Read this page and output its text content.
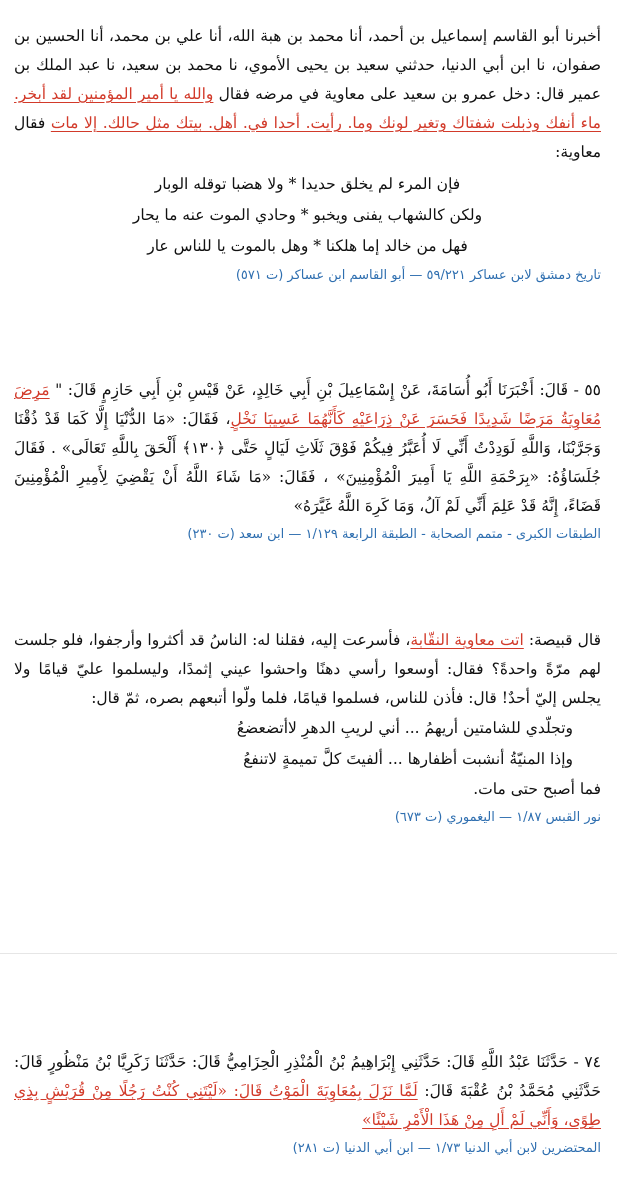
أخبرنا أبو القاسم إسماعيل بن أحمد، أنا محمد بن هبة الله، أنا علي بن محمد، أنا الحسين بن صفوان، نا ابن أبي الدنيا، حدثني سعيد بن يحيى الأموي، نا محمد بن سعيد، نا عبد الملك بن عمير قال: دخل عمرو بن سعيد على معاوية في مرضه فقال والله يا أمير المؤمنين لقد أبخر. ماء أنفك وذبلت شفتاك وتغير لونك وما. رأيت. أحدا في. أهل. بيتك مثل حالك. إلا مات فقال معاوية:

فإن المرء لم يخلق حديدا * ولا هضبا توقله الوبار

ولكن كالشهاب يفنى ويخبو * وحادي الموت عنه ما يحار

فهل من خالد إما هلكنا * وهل بالموت يا للناس عار

تاريخ دمشق لابن عساكر ٥٩/٢٢١ — أبو القاسم ابن عساكر (ت ٥٧١)

٥٥ - قَالَ: أَخْبَرَنَا أَبُو أُسَامَةَ، عَنْ إِسْمَاعِيلَ بْنِ أَبِي خَالِدٍ، عَنْ قَيْسِ بْنِ أَبِي حَازِمٍ قَالَ: " مَرِضَ مُعَاوِيَةُ مَرَضًا شَدِيدًا فَحَسَرَ عَنْ ذِرَاعَيْهِ كَأَنَّهُمَا عَسِيبَا نَخْلٍ، فَقَالَ: «مَا الدُّنْيَا إِلَّا كَمَا قَدْ ذُقْنَا وَجَرَّبْنَا، وَاللَّهِ لَوَدِدْتُ أَنِّي لَا أُعَبَّرُ فِيكُمْ فَوْقَ ثَلَاثِ لَيَالٍ حَتَّى ﴿١٣٠﴾ أَلْحَقَ بِاللَّهِ تَعَالَى» . فَقَالَ جُلَسَاؤُهُ: «بِرَحْمَةِ اللَّهِ يَا أَمِيرَ الْمُؤْمِنِينَ» ، فَقَالَ: «مَا شَاءَ اللَّهُ أَنْ يَقْضِيَ لِأَمِيرِ الْمُؤْمِنِينَ قَضَاءً، إِنَّهُ قَدْ عَلِمَ أَنِّي لَمْ آلُ، وَمَا كَرِهَ اللَّهُ غَيَّرَهُ»

الطبقات الكبرى - متمم الصحابة - الطبقة الرابعة ١/١٢٩ — ابن سعد (ت ٢٣٠)

قال قبيصة: اتت معاوية النقّابة، فأسرعت إليه، فقلنا له: الناسُ قد أكثروا وأرجفوا، فلو جلست لهم مرّةً واحدةً؟ فقال: أوسعوا رأسي دهنًا واحشوا عيني إثمدًا، وليسلموا عليّ قيامًا ولا يجلس إليّ أحدٌ! قال: فأذن للناس، فسلموا قيامًا، فلما ولّوا أتبعهم بصره، ثمّ قال:

وتجلّدي للشامتين أريهمُ ... أني لريبِ الدهرِ لاأتضعضعُ

وإذا المنيّةُ أنشبت أظفارها ... ألفيتَ كلَّ تميمةٍ لاتنفعُ

فما أصبح حتى مات.

نور القبس ١/٨٧ — اليغموري (ت ٦٧٣)

٧٤ - حَدَّثَنَا عَبْدُ اللَّهِ قَالَ: حَدَّثَنِي إِبْرَاهِيمُ بْنُ الْمُنْذِرِ الْحِزَامِيُّ قَالَ: حَدَّثَنَا زَكَرِيَّا بْنُ مَنْظُورٍ قَالَ: حَدَّثَنِي مُحَمَّدُ بْنُ عُقْبَةَ قَالَ: لَمَّا نَزَلَ بِمُعَاوِيَةَ الْمَوْتُ قَالَ: «لَيْتَنِي كُنْتُ رَجُلًا مِنْ قُرَيْشٍ بِذِي طِوًى، وَأَنِّي لَمْ أَلِ مِنْ هَذَا الْأَمْرِ شَيْئًا»

المحتضرين لابن أبي الدنيا ١/٧٣ — ابن أبي الدنيا (ت ٢٨١)
